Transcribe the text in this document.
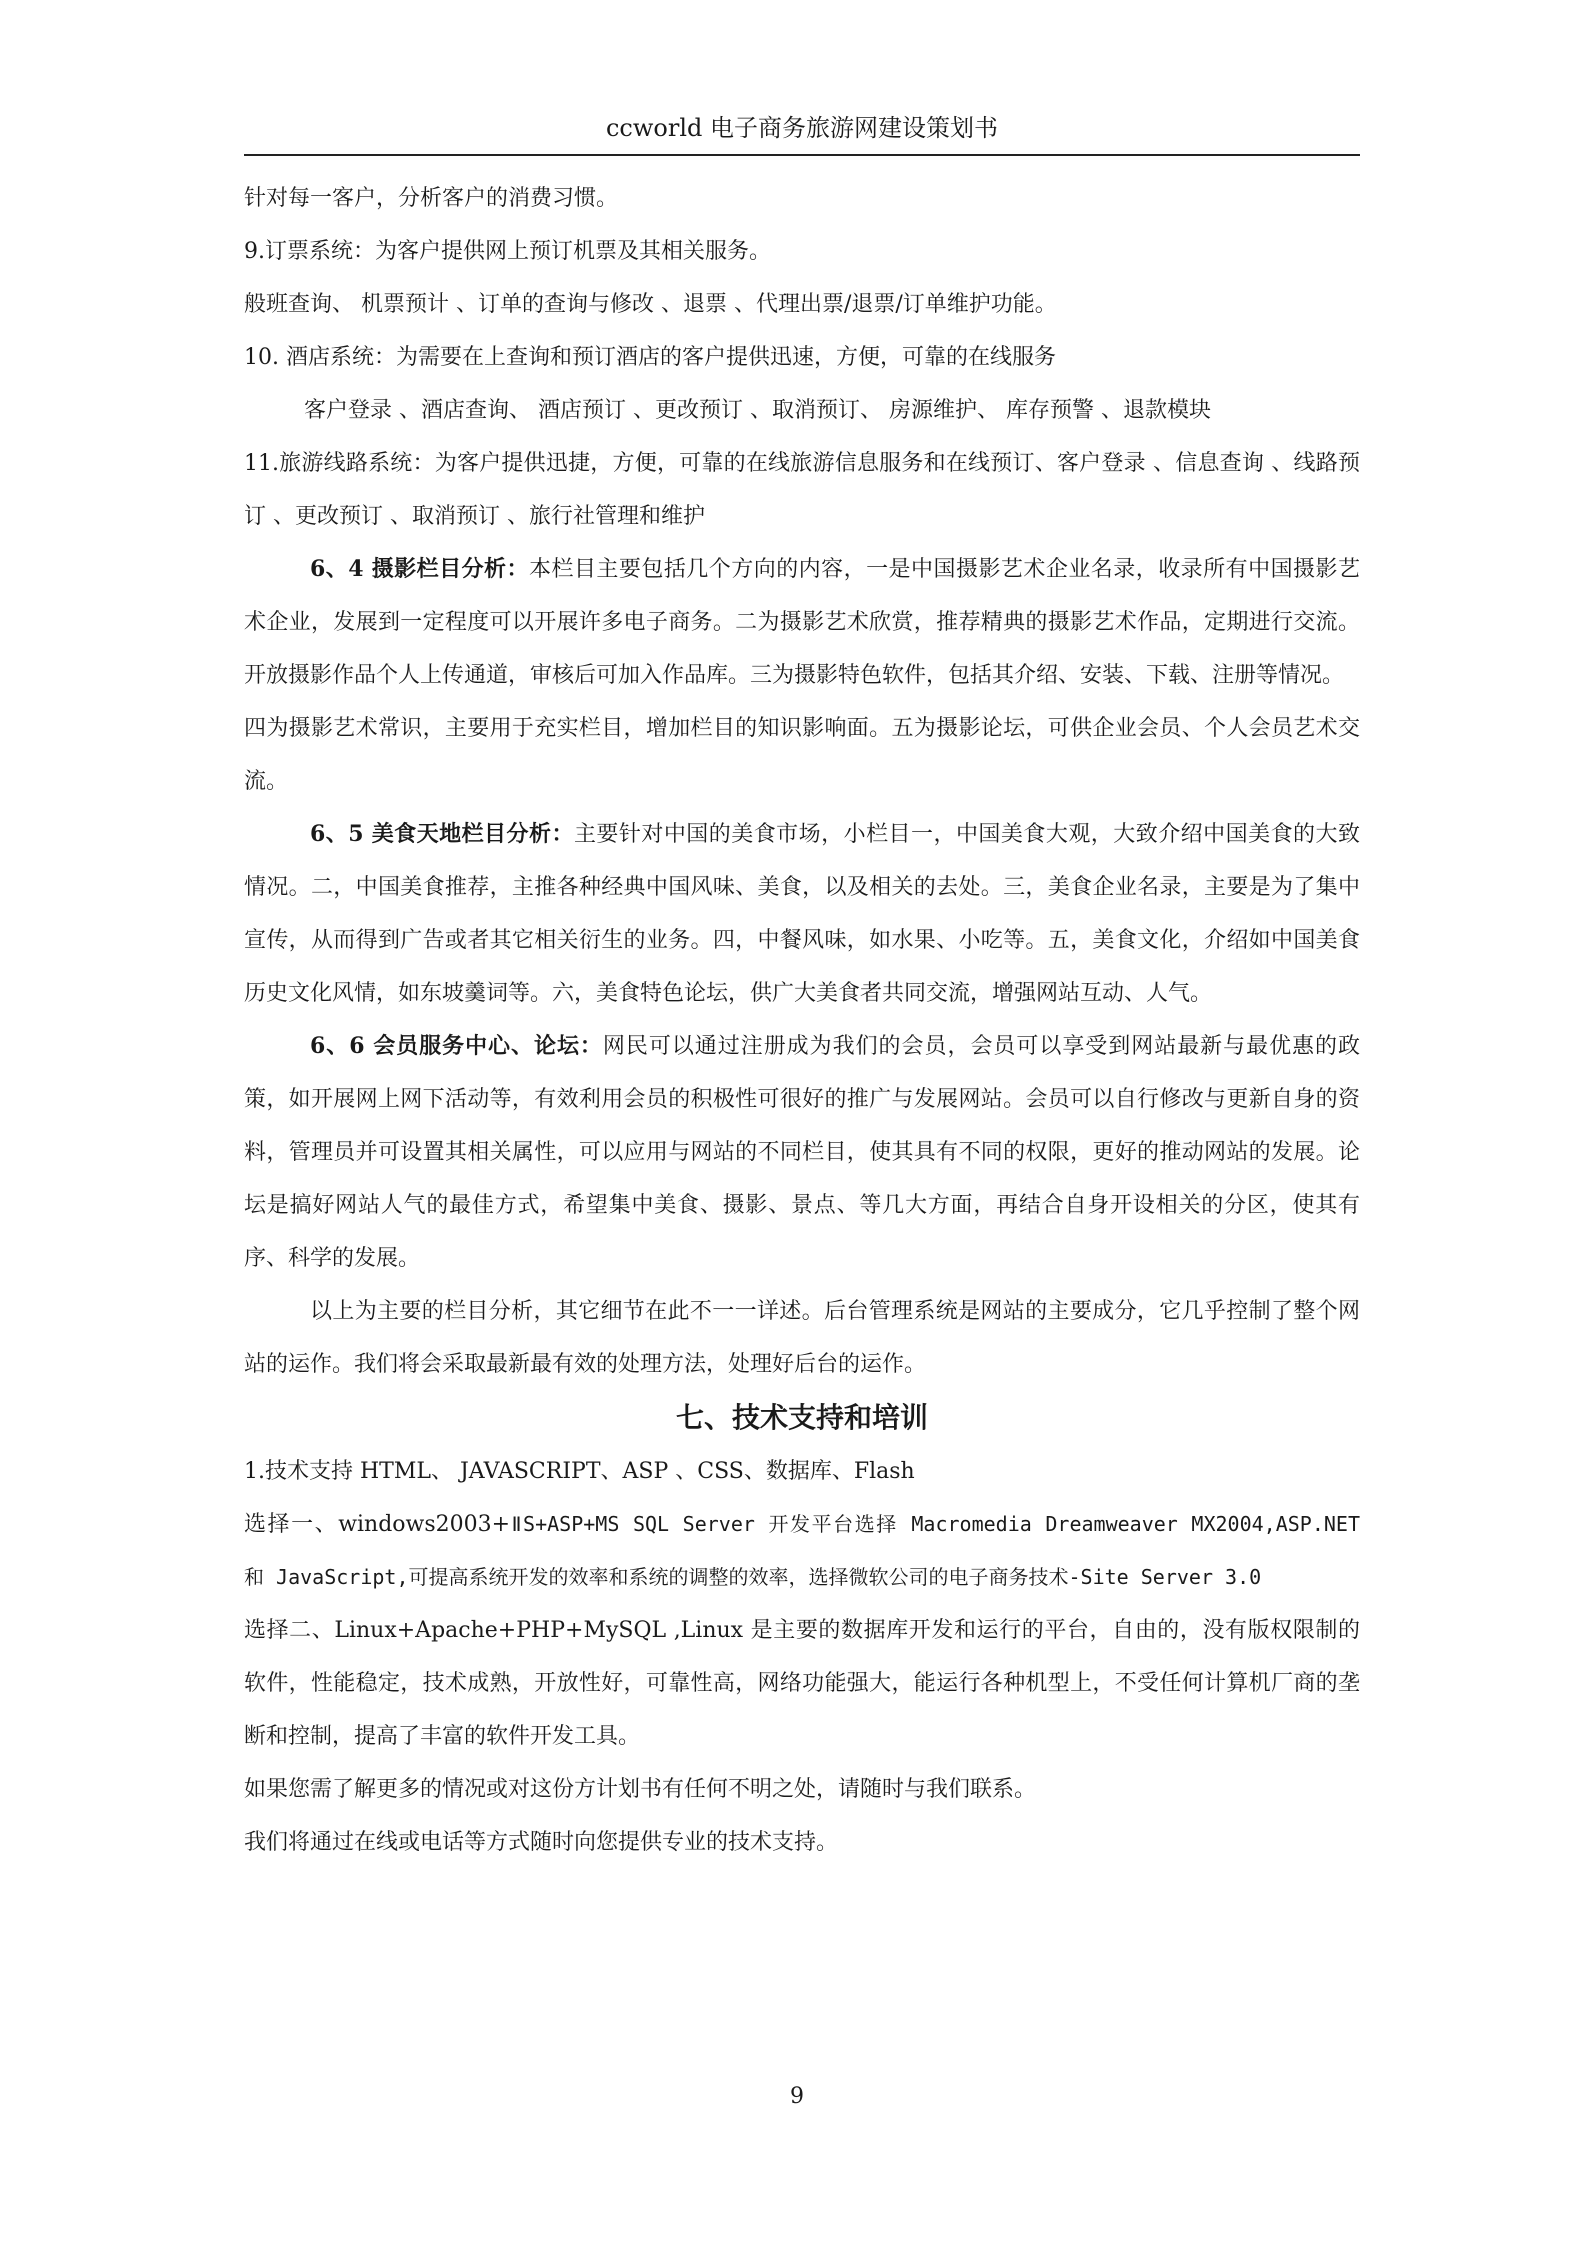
ccworld 电子商务旅游网建设策划书

针对每一客户，分析客户的消费习惯。

9.订票系统：为客户提供网上预订机票及其相关服务。

般班查询、 机票预计 、订单的查询与修改 、退票 、代理出票/退票/订单维护功能。

10. 酒店系统：为需要在上查询和预订酒店的客户提供迅速，方便，可靠的在线服务

客户登录 、酒店查询、 酒店预订 、更改预订 、取消预订、 房源维护、 库存预警 、退款模块

11.旅游线路系统：为客户提供迅捷，方便，可靠的在线旅游信息服务和在线预订、客户登录 、信息查询 、线路预订 、更改预订 、取消预订 、旅行社管理和维护

6、4 摄影栏目分析：本栏目主要包括几个方向的内容，一是中国摄影艺术企业名录，收录所有中国摄影艺术企业，发展到一定程度可以开展许多电子商务。二为摄影艺术欣赏，推荐精典的摄影艺术作品，定期进行交流。开放摄影作品个人上传通道，审核后可加入作品库。三为摄影特色软件，包括其介绍、安装、下载、注册等情况。

四为摄影艺术常识，主要用于充实栏目，增加栏目的知识影响面。五为摄影论坛，可供企业会员、个人会员艺术交流。

6、5 美食天地栏目分析：主要针对中国的美食市场，小栏目一，中国美食大观，大致介绍中国美食的大致情况。二，中国美食推荐，主推各种经典中国风味、美食，以及相关的去处。三，美食企业名录，主要是为了集中宣传，从而得到广告或者其它相关衍生的业务。四，中餐风味，如水果、小吃等。五，美食文化，介绍如中国美食历史文化风情，如东坡羹词等。六，美食特色论坛，供广大美食者共同交流，增强网站互动、人气。

6、6 会员服务中心、论坛：网民可以通过注册成为我们的会员，会员可以享受到网站最新与最优惠的政策，如开展网上网下活动等，有效利用会员的积极性可很好的推广与发展网站。会员可以自行修改与更新自身的资料，管理员并可设置其相关属性，可以应用与网站的不同栏目，使其具有不同的权限，更好的推动网站的发展。论坛是搞好网站人气的最佳方式，希望集中美食、摄影、景点、等几大方面，再结合自身开设相关的分区，使其有序、科学的发展。

以上为主要的栏目分析，其它细节在此不一一详述。后台管理系统是网站的主要成分，它几乎控制了整个网站的运作。我们将会采取最新最有效的处理方法，处理好后台的运作。

七、技术支持和培训

1.技术支持 HTML、 JAVASCRIPT、ASP 、CSS、数据库、Flash

选择一、windows2003+ⅡS+ASP+MS SQL Server 开发平台选择 Macromedia Dreamweaver MX2004,ASP.NET 和 JavaScript,可提高系统开发的效率和系统的调整的效率，选择微软公司的电子商务技术-Site Server 3.0

选择二、Linux+Apache+PHP+MySQL ,Linux 是主要的数据库开发和运行的平台，自由的，没有版权限制的软件，性能稳定，技术成熟，开放性好，可靠性高，网络功能强大，能运行各种机型上，不受任何计算机厂商的垄断和控制，提高了丰富的软件开发工具。

如果您需了解更多的情况或对这份方计划书有任何不明之处，请随时与我们联系。

我们将通过在线或电话等方式随时向您提供专业的技术支持。

9
